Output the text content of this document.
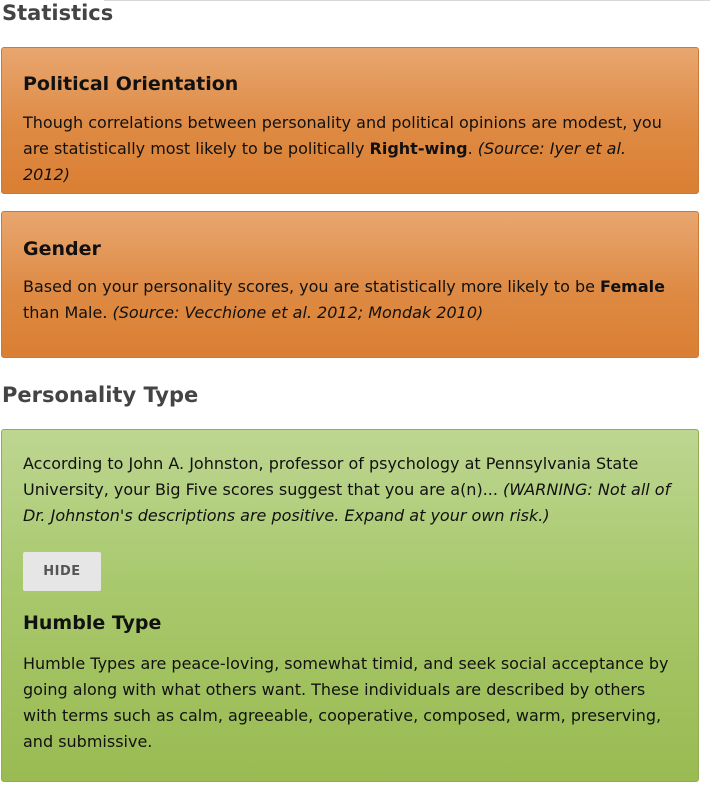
Statistics
Political Orientation

Though correlations between personality and political opinions are modest, you are statistically most likely to be politically Right-wing. (Source: Iyer et al. 2012)

Gender

Based on your personality scores, you are statistically more likely to be Female than Male. (Source: Vecchione et al. 2012; Mondak 2010)

Personality Type

According to John A. Johnston, professor of psychology at Pennsylvania State University, your Big Five scores suggest that you are a(n)... (WARNING: Not all of Dr. Johnston's descriptions are positive. Expand at your own risk.)

HIDE
Humble Type

Humble Types are peace-loving, somewhat timid, and seek social acceptance by going along with what others want. These individuals are described by others with terms such as calm, agreeable, cooperative, composed, warm, preserving, and submissive.
